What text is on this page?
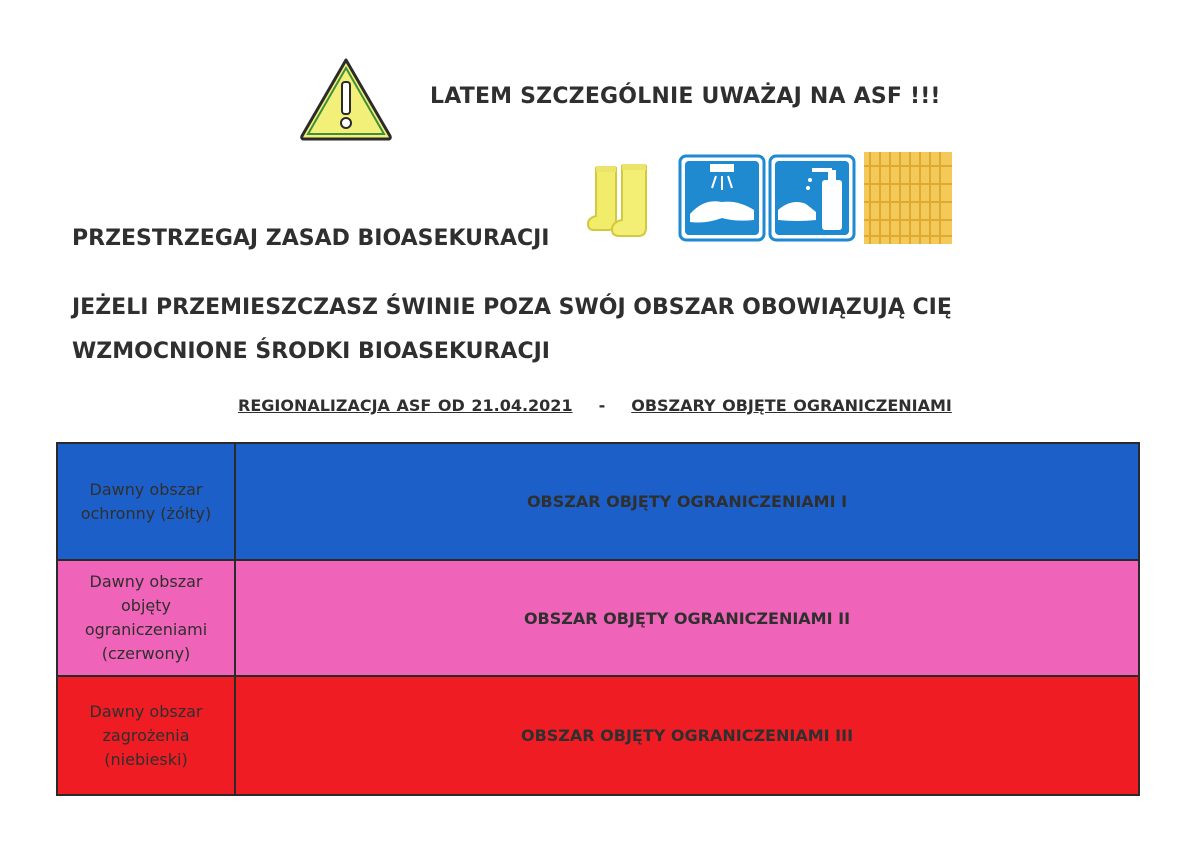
LATEM SZCZEGÓLNIE UWAŻAJ NA ASF !!!
PRZESTRZEGAJ ZASAD BIOASEKURACJI
JEŻELI PRZEMIESZCZASZ ŚWINIE POZA SWÓJ OBSZAR OBOWIĄZUJĄ CIĘ
WZMOCNIONE ŚRODKI BIOASEKURACJI
REGIONALIZACJA ASF OD 21.04.2021 - OBSZARY OBJĘTE OGRANICZENIAMI
Dawny obszar ochronny (żółty)
OBSZAR OBJĘTY OGRANICZENIAMI I
Dawny obszar objęty ograniczeniami (czerwony)
OBSZAR OBJĘTY OGRANICZENIAMI II
Dawny obszar zagrożenia (niebieski)
OBSZAR OBJĘTY OGRANICZENIAMI III
